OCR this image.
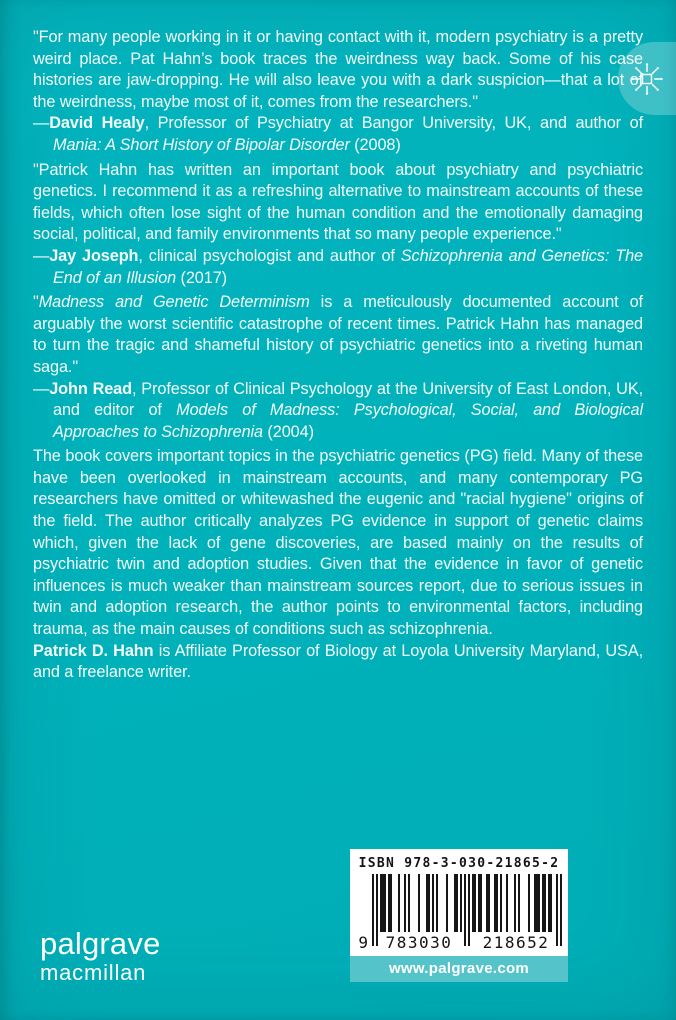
"For many people working in it or having contact with it, modern psychiatry is a pretty weird place. Pat Hahn’s book traces the weirdness way back. Some of his case histories are jaw-dropping. He will also leave you with a dark suspicion—that a lot of the weirdness, maybe most of it, comes from the researchers."

—David Healy, Professor of Psychiatry at Bangor University, UK, and author of Mania: A Short History of Bipolar Disorder (2008)

"Patrick Hahn has written an important book about psychiatry and psychiatric genetics. I recommend it as a refreshing alternative to mainstream accounts of these fields, which often lose sight of the human condition and the emotionally damaging social, political, and family environments that so many people experience."

—Jay Joseph, clinical psychologist and author of Schizophrenia and Genetics: The End of an Illusion (2017)

"Madness and Genetic Determinism is a meticulously documented account of arguably the worst scientific catastrophe of recent times. Patrick Hahn has managed to turn the tragic and shameful history of psychiatric genetics into a riveting human saga."

—John Read, Professor of Clinical Psychology at the University of East London, UK, and editor of Models of Madness: Psychological, Social, and Biological Approaches to Schizophrenia (2004)

The book covers important topics in the psychiatric genetics (PG) field. Many of these have been overlooked in mainstream accounts, and many contemporary PG researchers have omitted or whitewashed the eugenic and "racial hygiene" origins of the field. The author critically analyzes PG evidence in support of genetic claims which, given the lack of gene discoveries, are based mainly on the results of psychiatric twin and adoption studies. Given that the evidence in favor of genetic influences is much weaker than mainstream sources report, due to serious issues in twin and adoption research, the author points to environmental factors, including trauma, as the main causes of conditions such as schizophrenia.

Patrick D. Hahn is Affiliate Professor of Biology at Loyola University Maryland, USA, and a freelance writer.

palgrave
macmillan
ISBN 978-3-030-21865-2
9 783030 218652
www.palgrave.com
